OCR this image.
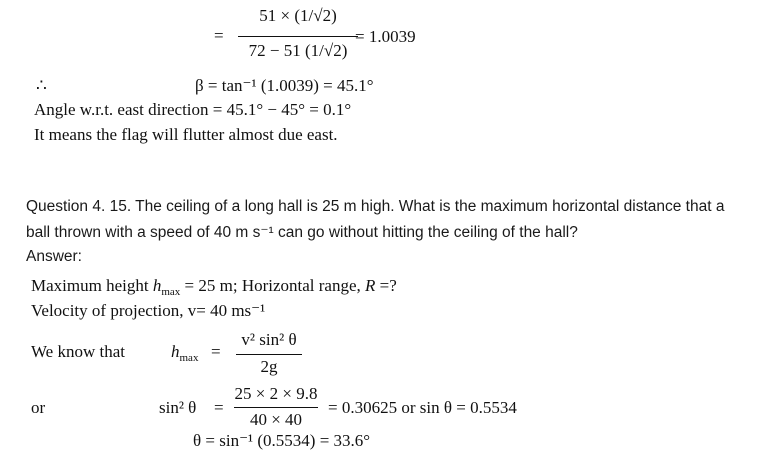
=
51 × (1/√2)
72 − 51 (1/√2)
= 1.0039
∴	β = tan⁻¹ (1.0039) = 45.1°
Angle w.r.t. east direction = 45.1° − 45° = 0.1°
It means the flag will flutter almost due east.
Question 4. 15. The ceiling of a long hall is 25 m high. What is the maximum horizontal distance that a
ball thrown with a speed of 40 m s⁻¹ can go without hitting the ceiling of the hall?
Answer:
Maximum height $h_{max} = 25$ m; Horizontal range, R =?
Velocity of projection, v= 40 ms⁻¹
We know that	$h_{max}$ =
v² sin² θ
2g
or	sin² θ =
25 × 2 × 9.8
40 × 40
= 0.30625 or sin θ = 0.5534
θ = sin⁻¹ (0.5534) = 33.6°
